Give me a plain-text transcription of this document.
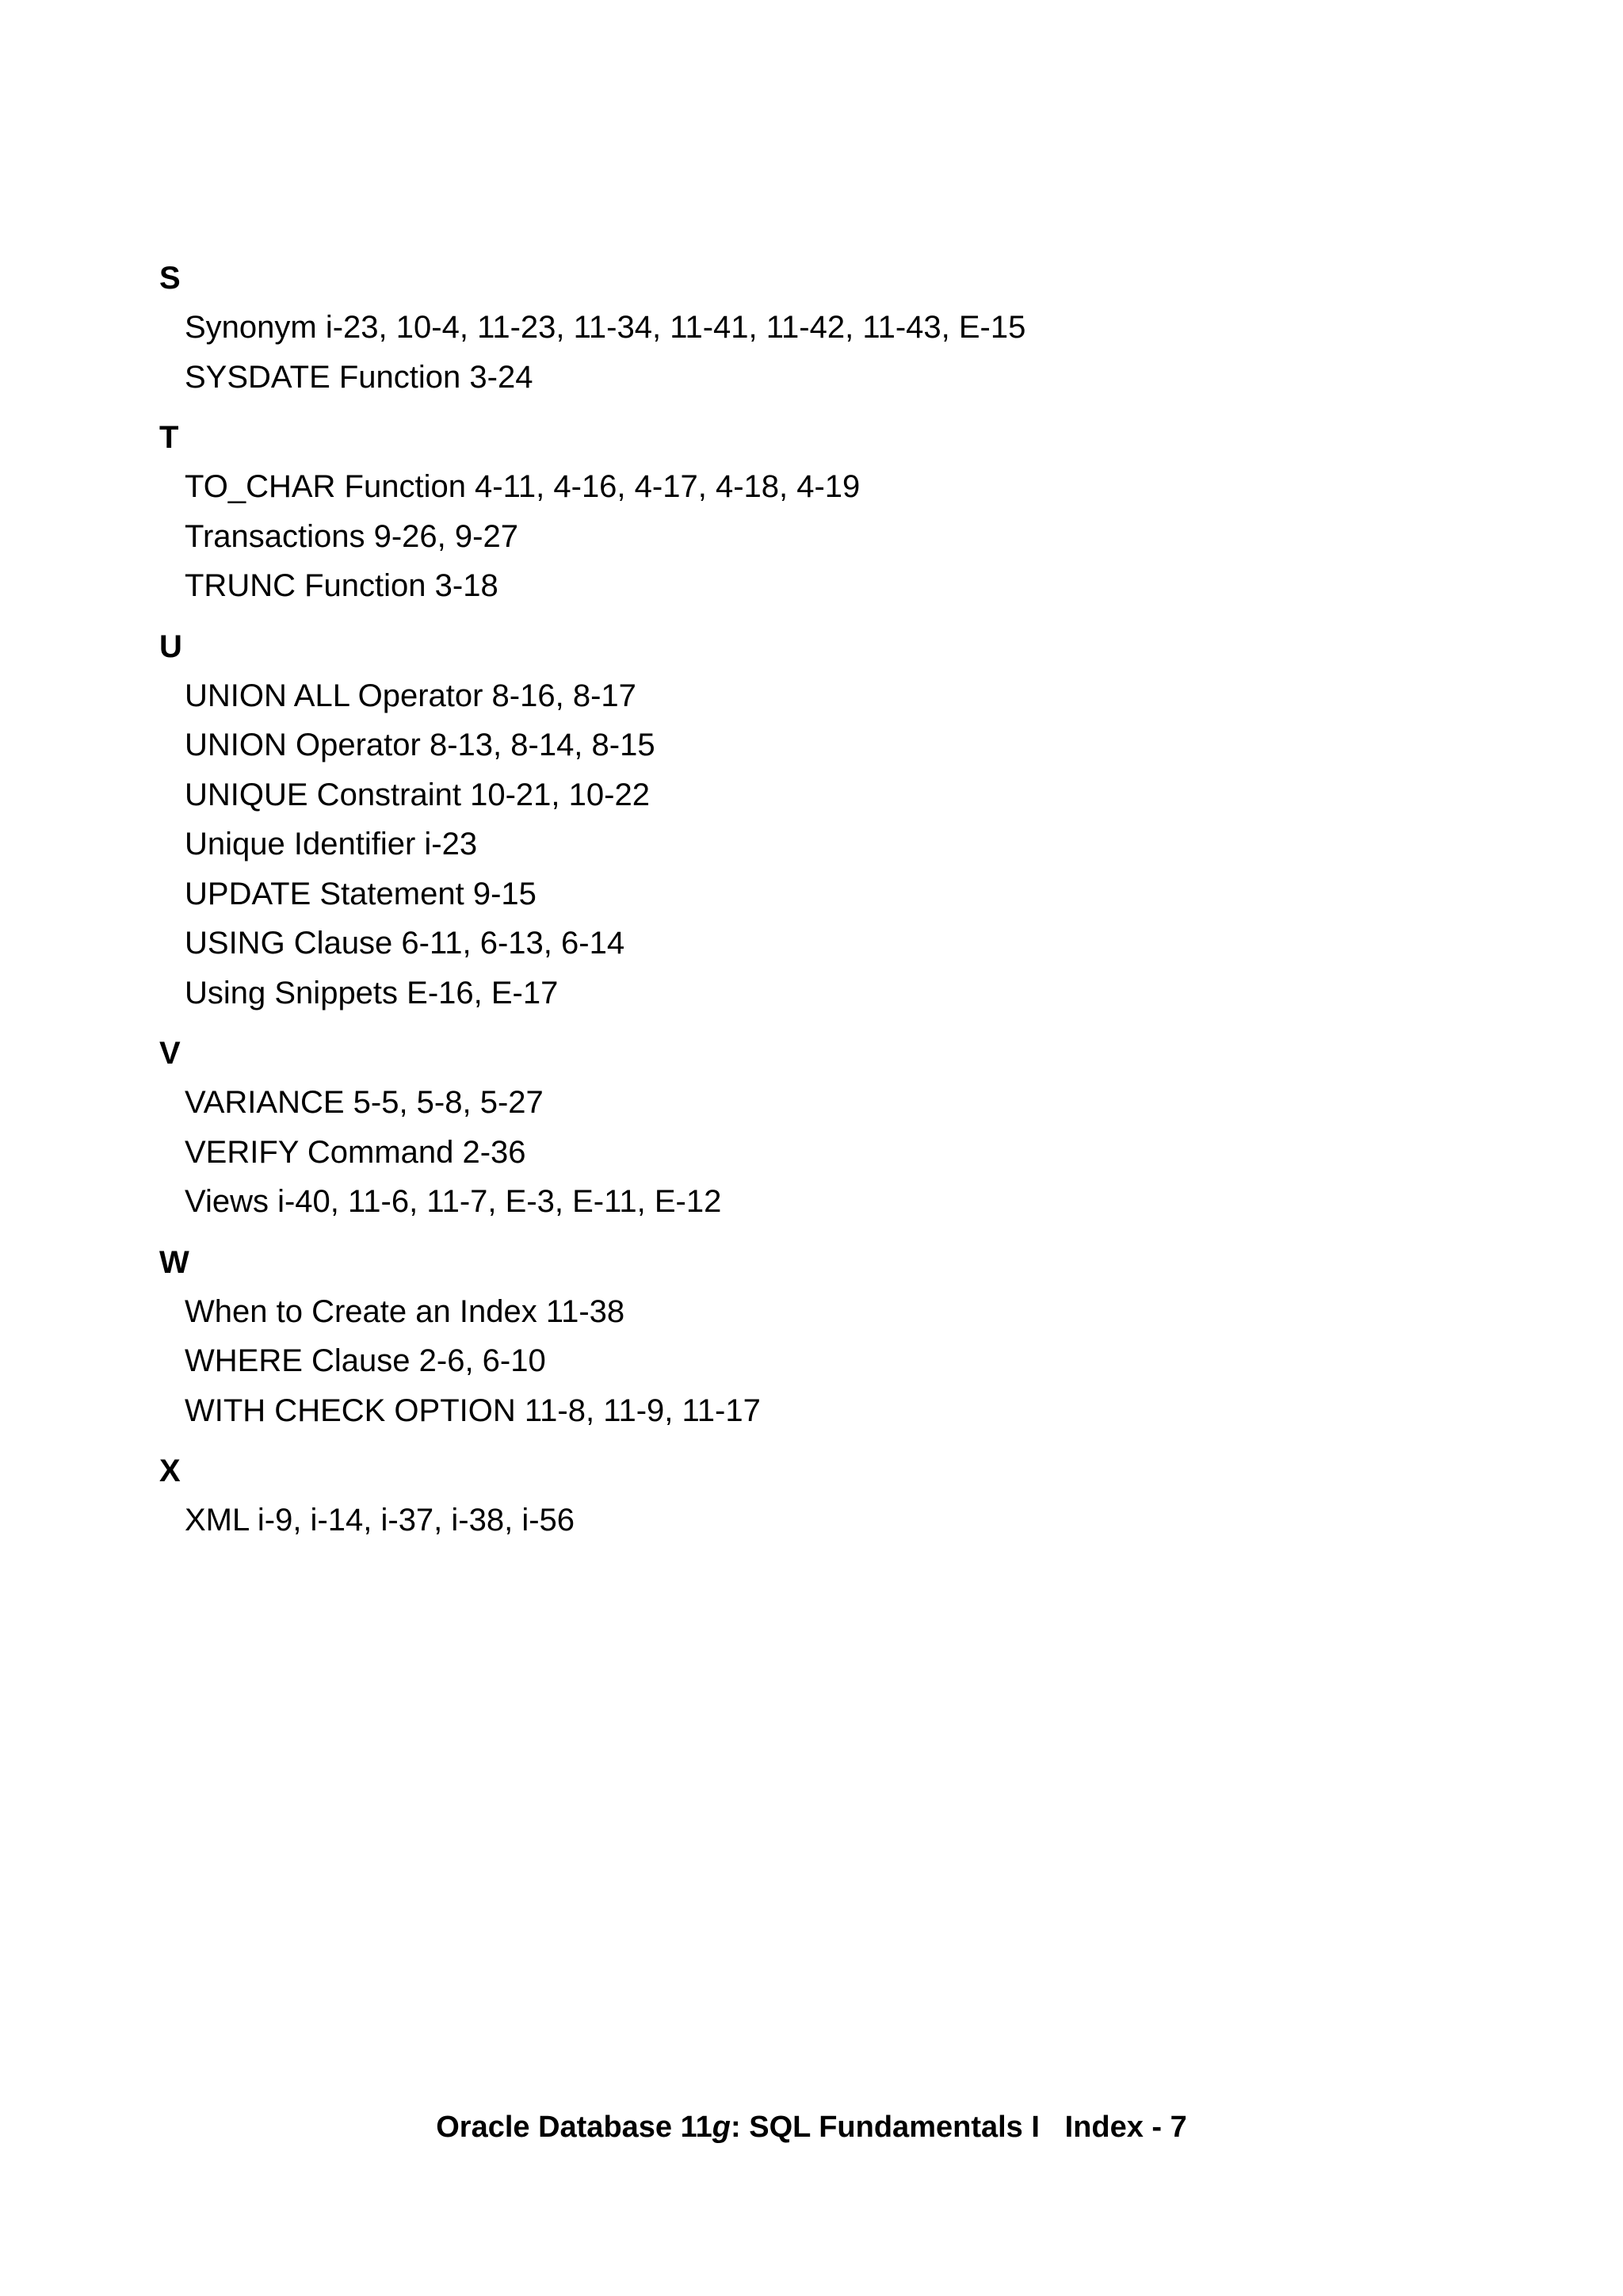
S
Synonym i-23, 10-4, 11-23, 11-34, 11-41, 11-42, 11-43, E-15
SYSDATE Function 3-24
T
TO_CHAR Function 4-11, 4-16, 4-17, 4-18, 4-19
Transactions 9-26, 9-27
TRUNC Function 3-18
U
UNION ALL Operator 8-16, 8-17
UNION Operator 8-13, 8-14, 8-15
UNIQUE Constraint 10-21, 10-22
Unique Identifier i-23
UPDATE Statement 9-15
USING Clause 6-11, 6-13, 6-14
Using Snippets E-16, E-17
V
VARIANCE 5-5, 5-8, 5-27
VERIFY Command 2-36
Views i-40, 11-6, 11-7, E-3, E-11, E-12
W
When to Create an Index 11-38
WHERE Clause 2-6, 6-10
WITH CHECK OPTION 11-8, 11-9, 11-17
X
XML i-9, i-14, i-37, i-38, i-56
Oracle Database 11g: SQL Fundamentals I Index - 7
